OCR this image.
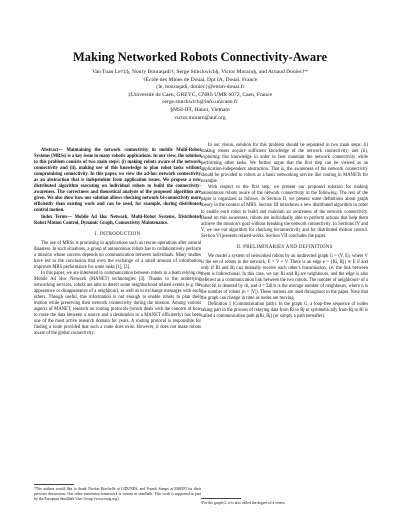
Making Networked Robots Connectivity-Aware
Van Tuan Le†‡§, Noury Bouraqadi†, Serge Stinckwich§, Victor Moraru§, and Arnaud Doniec†*
†École des Mines de Douai, Dpt IA, Douai, France
{le, bouraqadi, doniec}@ensm-douai.fr
‡Université de Caen, GREYC, CNRS UMR 6072, Caen, France
serge.stinckwich@info.unicaen.fr
§MSI-IFI, Hanoi, Vietnam
victor.moraru@auf.org

Abstract— Maintaining the network connectivity in mobile Multi-Robot Systems (MRSs) is a key issue in many robotic applications. In our view, the solution to this problem consists of two main steps: (i) making robots aware of the network connectivity and (ii), making use of this knowledge to plan robot tasks without compromising connectivity. In this paper, we view the ad-hoc network connectivity as an abstraction that is independent from application issues. We propose a new distributed algorithm executing on individual robots to build the connectivity-awareness. The correctness and theoretical analysis of the proposed algorithm are given. We also show how our solution allows checking network bi-connectivity more efficiently than existing work and can be used, for example, during distributed control motion.

Index Terms— Mobile Ad Hoc Network, Multi-Robot Systems, Distributed Robot Motion Control, Dynamic Graph, Connectivity Maintenance.

I. INTRODUCTION

The use of MRSs is promising in applications such as rescue operations after natural disasters. In such situations, a group of autonomous robots has to collaboratively perform a mission whose success depends on communication between individuals. Many studies have led to the conclusion that even the exchange of a small amount of information improves MRS performance for some tasks [1], [2].

In this paper, we are interested in communication between robots in a team relying on Mobile Ad Hoc Network (MANET) technologies [3]. Thanks to the underlying networking services, robots are able to detect some neighborhood related events (e.g. the appearance or disappearance of a neighbour), as well as to exchange messages with each others. Though useful, this information is not enough to enable robots to plan their motion while preserving their network connectivity during the mission. Among various aspects of MANET, research on routing protocols (which deals with the concern of how to route the data between a source and a destination in a MANET efficiently) has been one of the most active research domain for years. A routing protocol is responsible for finding a route provided that such a route does exist. However, it does not make robots aware of the global connectivity.

*The authors would like to thank Nicolas Brechelle at LIDUNES, and Franck Somps at MSI/IFI for their precious discussions. Our robot simulation framework is written in smalltalk. This work is supported in part by the European Smalltalk User Group (www.esug.org).

In our vision, solution for this problem should be separated in two main steps: (i) making robots acquire sufficient knowledge of the network connectivity; and (ii), exploiting this knowledge in order to best maintain the network connectivity while performing other tasks. We further argue that the first step can be viewed as an application-independent abstraction. That is, the awareness of the network connectivity should be provided to robots as a basic networking service like routing in MANETs for example.

With respect to the first step, we present our proposed solution for making autonomous robots aware of the network connectivity in the following. The rest of the paper is organized as follows. In Section II, we present some definitions about graph theory in the context of MRS. Section III introduces a new distributed algorithm in order to enable each robot to build and maintain an awareness of the network connectivity. Based on this awareness, robots are individually able to perform actions that help them achieve the mission's goal without breaking the network connectivity. In Sections IV and V, we use our algorithm for checking biconnectivity and for distributed motion control. Section VI presents related works. Section VII concludes the paper.

II. PRELIMINARIES AND DEFINITIONS

We model a system of networked robots by an undirected graph G = (V, E), where V is the set of robots in the network, E = V × V. There is an edge e = {Ri, Rj} ∈ E if and only if Ri and Rj can mutually receive each other's transmission, i.e. the link between them is bidirectional. In this case, we say Ri and Rj are neighbours, and the edge is also referred as a communication link between the two robots. The number of neighbours¹ of a robot Ri is denoted by di, and d̄ = Σdi/n is the average number of neighbours, where n is the number of robots (n = |V|). These notions are used throughout in the paper. Note that the graph can change in time as nodes are moving.

Definition 1 (Communication path): In the graph G, a loop-free sequence of nodes taking part in the process of relaying data from Ri to Rj or symmetrically from Rj to Ri is called a communication path p(Ri, Rj) (or simply a path hereafter).

¹For the graph G, it is also called the degree of a vertex.
